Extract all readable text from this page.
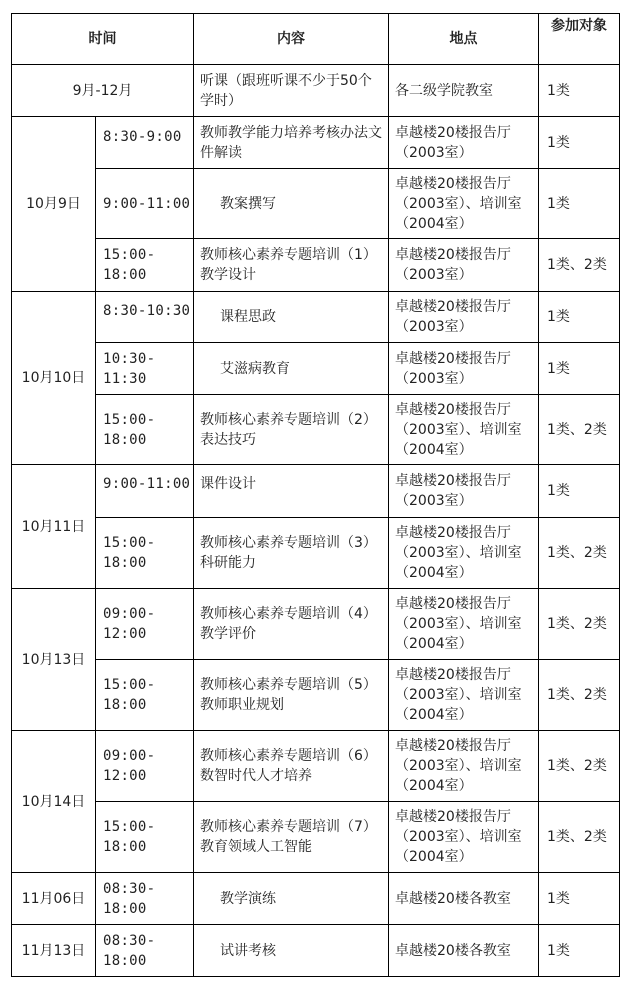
时间		内容	地点	参加对象
9月-12月		听课（跟班听课不少于50个学时）	各二级学院教室	1类
10月9日	8:30-9:00	教师教学能力培养考核办法文件解读	卓越楼20楼报告厅（2003室）	1类
	9:00-11:00	教案撰写	卓越楼20楼报告厅（2003室）、培训室（2004室）	1类
	15:00-18:00	教师核心素养专题培训（1）教学设计	卓越楼20楼报告厅（2003室）	1类、2类
10月10日	8:30-10:30	课程思政	卓越楼20楼报告厅（2003室）	1类
	10:30-11:30	艾滋病教育	卓越楼20楼报告厅（2003室）	1类
	15:00-18:00	教师核心素养专题培训（2）表达技巧	卓越楼20楼报告厅（2003室）、培训室（2004室）	1类、2类
10月11日	9:00-11:00	课件设计	卓越楼20楼报告厅（2003室）	1类
	15:00-18:00	教师核心素养专题培训（3）科研能力	卓越楼20楼报告厅（2003室）、培训室（2004室）	1类、2类
10月13日	09:00-12:00	教师核心素养专题培训（4）教学评价	卓越楼20楼报告厅（2003室）、培训室（2004室）	1类、2类
	15:00-18:00	教师核心素养专题培训（5）教师职业规划	卓越楼20楼报告厅（2003室）、培训室（2004室）	1类、2类
10月14日	09:00-12:00	教师核心素养专题培训（6）数智时代人才培养	卓越楼20楼报告厅（2003室）、培训室（2004室）	1类、2类
	15:00-18:00	教师核心素养专题培训（7）教育领域人工智能	卓越楼20楼报告厅（2003室）、培训室（2004室）	1类、2类
11月06日	08:30-18:00	教学演练	卓越楼20楼各教室	1类
11月13日	08:30-18:00	试讲考核	卓越楼20楼各教室	1类
